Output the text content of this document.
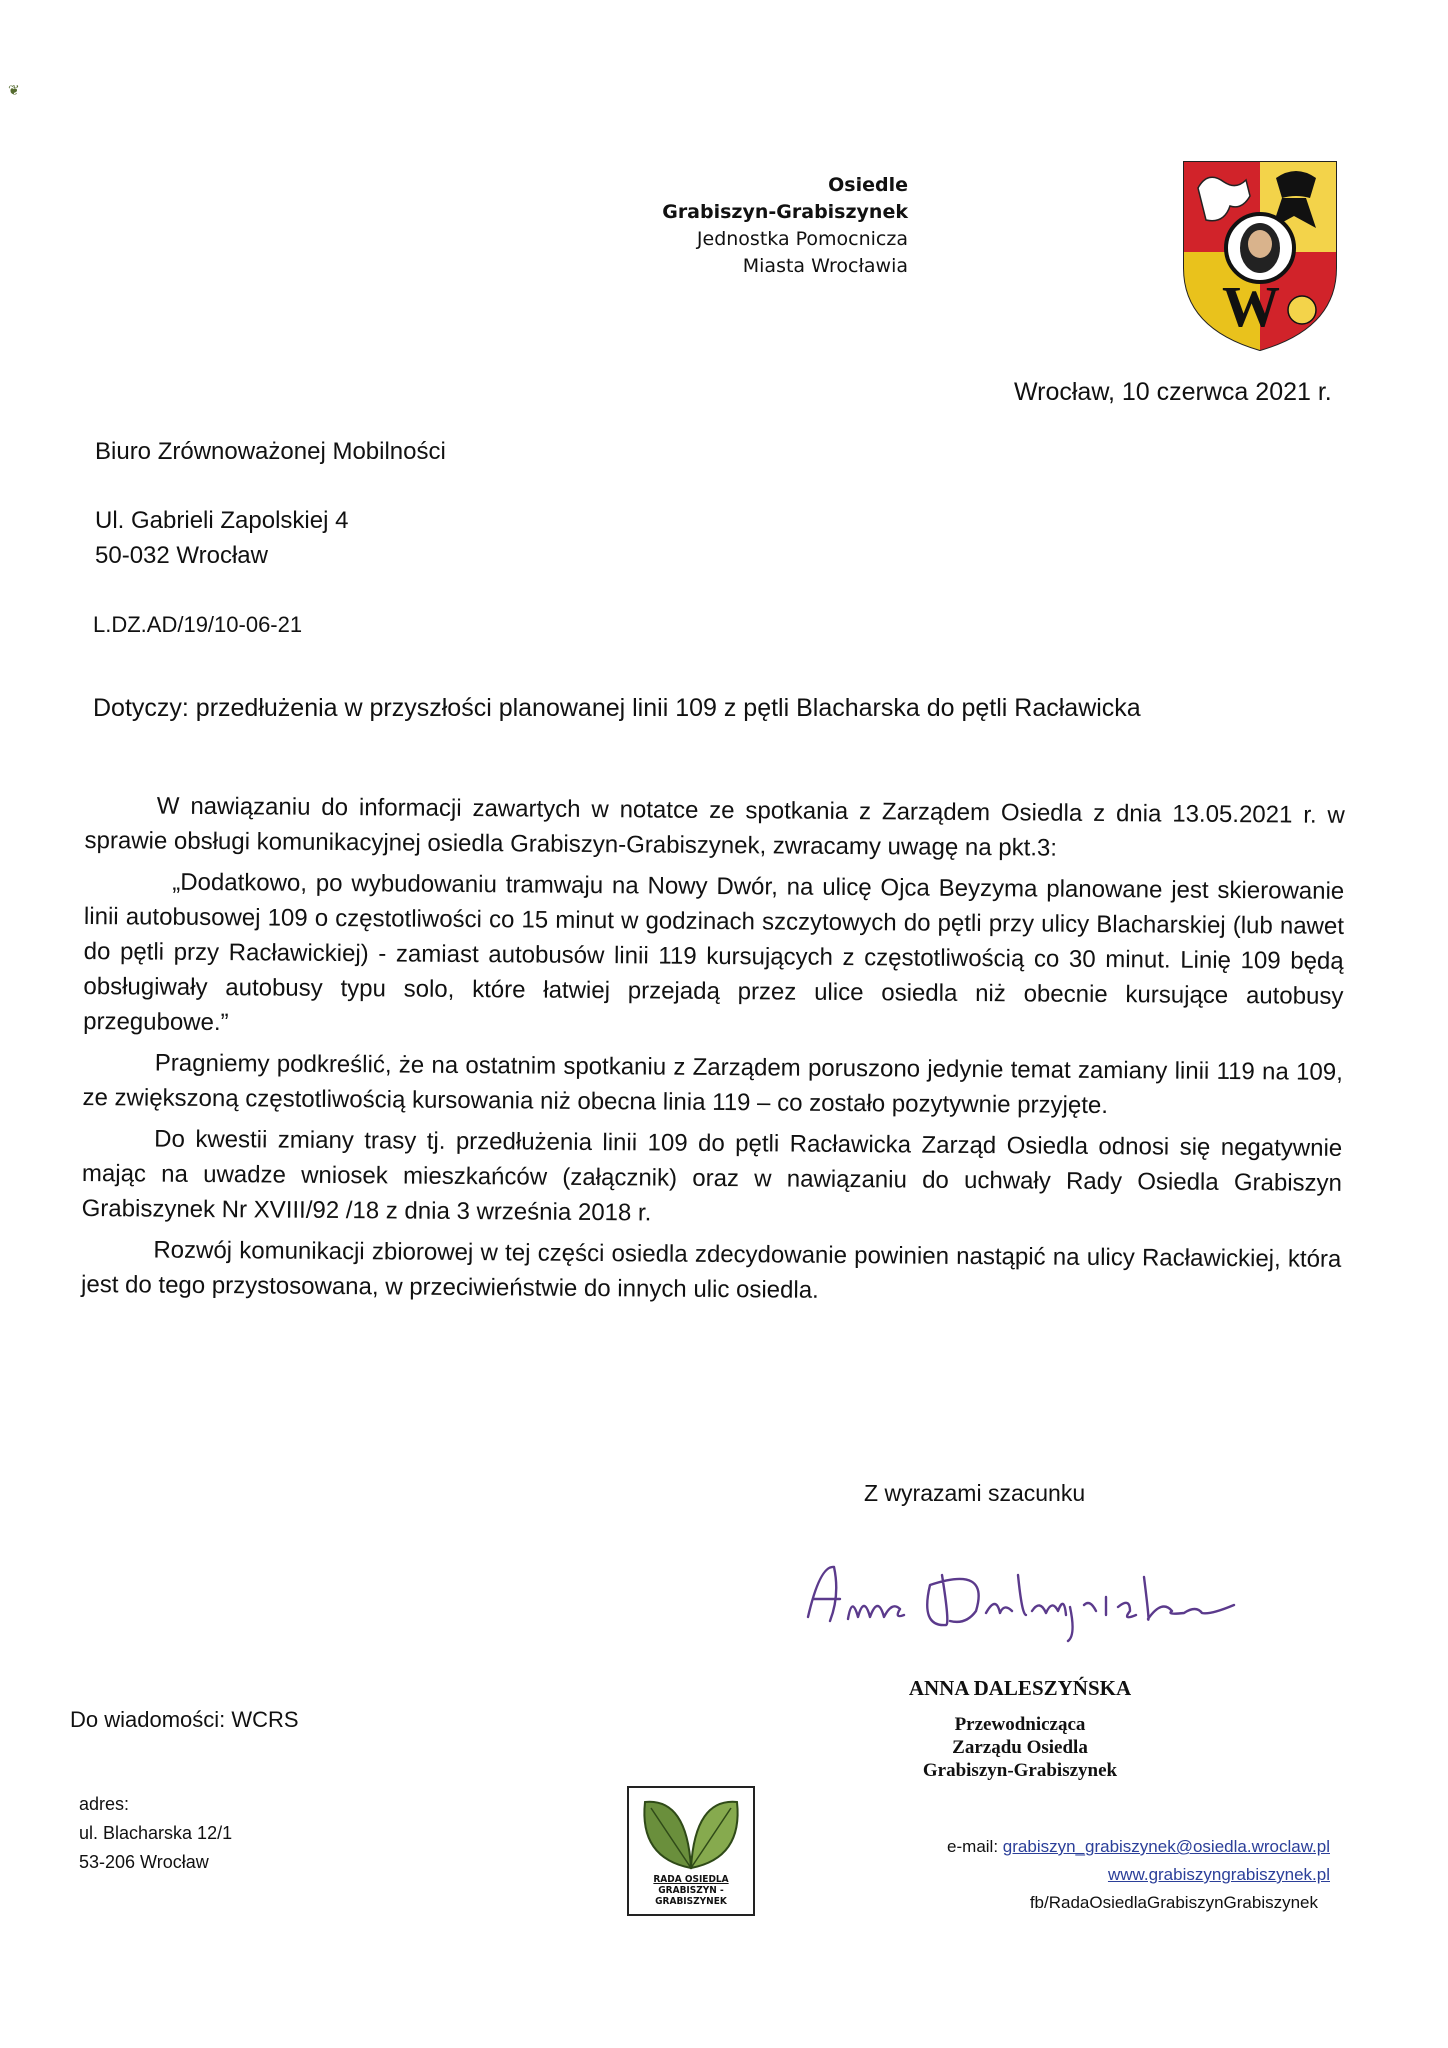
❦
Osiedle
Grabiszyn-Grabiszynek
Jednostka Pomocnicza
Miasta Wrocławia
W
Wrocław, 10 czerwca 2021 r.
Biuro Zrównoważonej Mobilności
Ul. Gabrieli Zapolskiej 4
50-032 Wrocław
L.DZ.AD/19/10-06-21
Dotyczy: przedłużenia w przyszłości planowanej linii 109 z pętli Blacharska do pętli Racławicka

W nawiązaniu do informacji zawartych w notatce ze spotkania z Zarządem Osiedla z dnia 13.05.2021 r. w sprawie obsługi komunikacyjnej osiedla Grabiszyn-Grabiszynek, zwracamy uwagę na pkt.3:

„Dodatkowo, po wybudowaniu tramwaju na Nowy Dwór, na ulicę Ojca Beyzyma planowane jest skierowanie linii autobusowej 109 o częstotliwości co 15 minut w godzinach szczytowych do pętli przy ulicy Blacharskiej (lub nawet do pętli przy Racławickiej) - zamiast autobusów linii 119 kursujących z częstotliwością co 30 minut. Linię 109 będą obsługiwały autobusy typu solo, które łatwiej przejadą przez ulice osiedla niż obecnie kursujące autobusy przegubowe.”

Pragniemy podkreślić, że na ostatnim spotkaniu z Zarządem poruszono jedynie temat zamiany linii 119 na 109, ze zwiększoną częstotliwością kursowania niż obecna linia 119 – co zostało pozytywnie przyjęte.

Do kwestii zmiany trasy tj. przedłużenia linii 109 do pętli Racławicka Zarząd Osiedla odnosi się negatywnie mając na uwadze wniosek mieszkańców (załącznik) oraz w nawiązaniu do uchwały Rady Osiedla Grabiszyn Grabiszynek Nr XVIII/92 /18 z dnia 3 września 2018 r.

Rozwój komunikacji zbiorowej w tej części osiedla zdecydowanie powinien nastąpić na ulicy Racławickiej, która jest do tego przystosowana, w przeciwieństwie do innych ulic osiedla.

Z wyrazami szacunku
ANNA DALESZYŃSKA
Przewodnicząca
Zarządu Osiedla
Grabiszyn-Grabiszynek
Do wiadomości: WCRS
adres:
ul. Blacharska 12/1
53-206 Wrocław
RADA OSIEDLA
GRABISZYN -
GRABISZYNEK
e-mail: grabiszyn_grabiszynek@osiedla.wroclaw.pl
www.grabiszyngrabiszynek.pl
fb/RadaOsiedlaGrabiszynGrabiszynek
